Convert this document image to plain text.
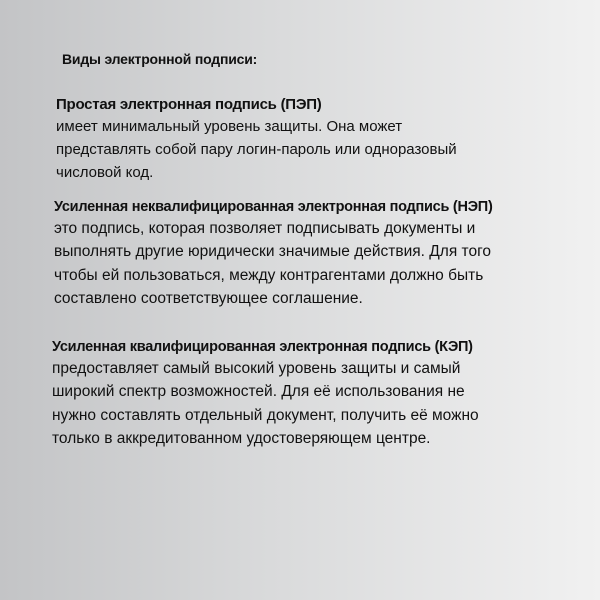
Виды электронной подписи:
Простая электронная подпись (ПЭП)
имеет минимальный уровень защиты. Она может
представлять собой пару логин-пароль или одноразовый
числовой код.
Усиленная неквалифицированная электронная подпись (НЭП)
это подпись, которая позволяет подписывать документы и
выполнять другие юридически значимые действия. Для того
чтобы ей пользоваться, между контрагентами должно быть
составлено соответствующее соглашение.
Усиленная квалифицированная электронная подпись (КЭП)
предоставляет самый высокий уровень защиты и самый
широкий спектр возможностей. Для её использования не
нужно составлять отдельный документ, получить её можно
только в аккредитованном удостоверяющем центре.
